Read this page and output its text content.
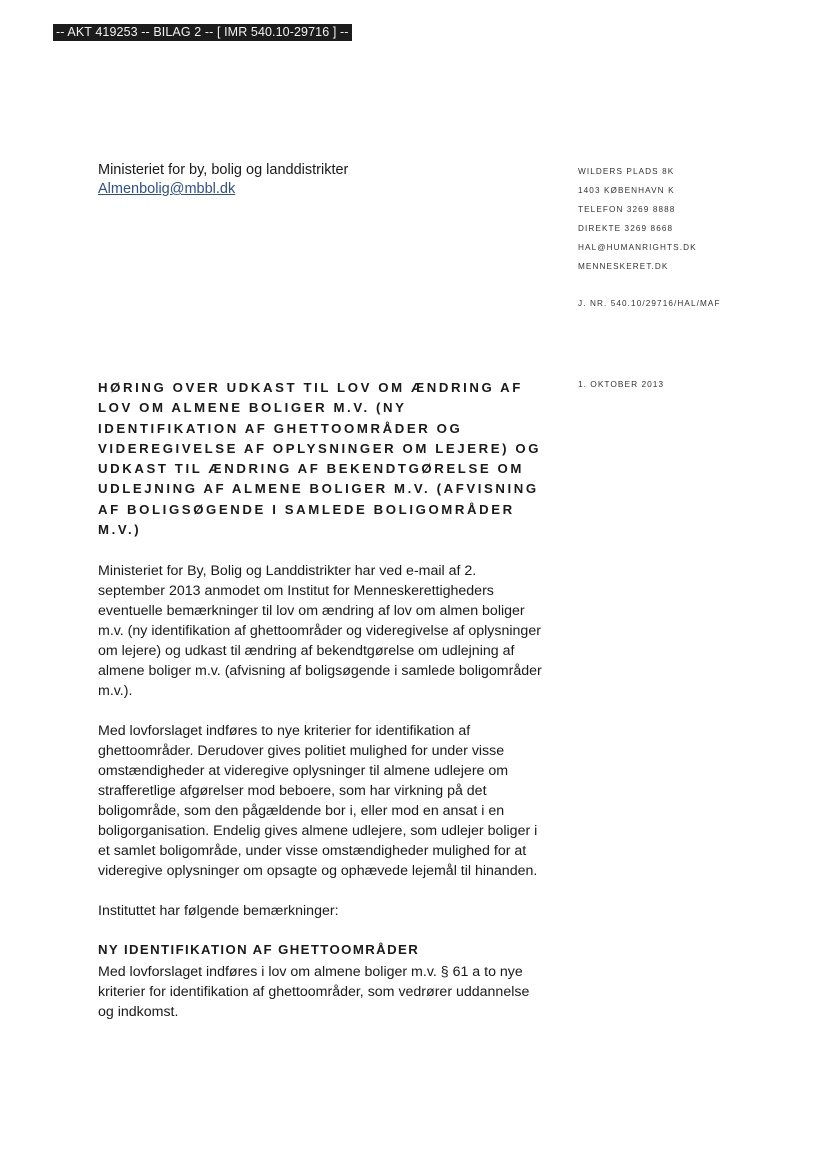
-- AKT 419253 -- BILAG 2 -- [ IMR 540.10-29716 ] --
Ministeriet for by, bolig og landdistrikter
Almenbolig@mbbl.dk
WILDERS PLADS 8K
1403 KØBENHAVN K
TELEFON 3269 8888
DIREKTE 3269 8668
HAL@HUMANRIGHTS.DK
MENNESKERET.DK
J. NR. 540.10/29716/HAL/MAF
1. OKTOBER 2013
HØRING OVER UDKAST TIL LOV OM ÆNDRING AF
LOV OM ALMENE BOLIGER M.V. (NY
IDENTIFIKATION AF GHETTOOMRÅDER OG
VIDEREGIVELSE AF OPLYSNINGER OM LEJERE) OG
UDKAST TIL ÆNDRING AF BEKENDTGØRELSE OM
UDLEJNING AF ALMENE BOLIGER M.V. (AFVISNING
AF BOLIGSØGENDE I SAMLEDE BOLIGOMRÅDER
M.V.)

Ministeriet for By, Bolig og Landdistrikter har ved e-mail af 2.
september 2013 anmodet om Institut for Menneskerettigheders
eventuelle bemærkninger til lov om ændring af lov om almen boliger
m.v. (ny identifikation af ghettoområder og videregivelse af oplysninger
om lejere) og udkast til ændring af bekendtgørelse om udlejning af
almene boliger m.v. (afvisning af boligsøgende i samlede boligområder
m.v.).

Med lovforslaget indføres to nye kriterier for identifikation af
ghettoområder. Derudover gives politiet mulighed for under visse
omstændigheder at videregive oplysninger til almene udlejere om
strafferetlige afgørelser mod beboere, som har virkning på det
boligområde, som den pågældende bor i, eller mod en ansat i en
boligorganisation. Endelig gives almene udlejere, som udlejer boliger i
et samlet boligområde, under visse omstændigheder mulighed for at
videregive oplysninger om opsagte og ophævede lejemål til hinanden.

Instituttet har følgende bemærkninger:

NY IDENTIFIKATION AF GHETTOOMRÅDER
Med lovforslaget indføres i lov om almene boliger m.v. § 61 a to nye
kriterier for identifikation af ghettoområder, som vedrører uddannelse
og indkomst.
